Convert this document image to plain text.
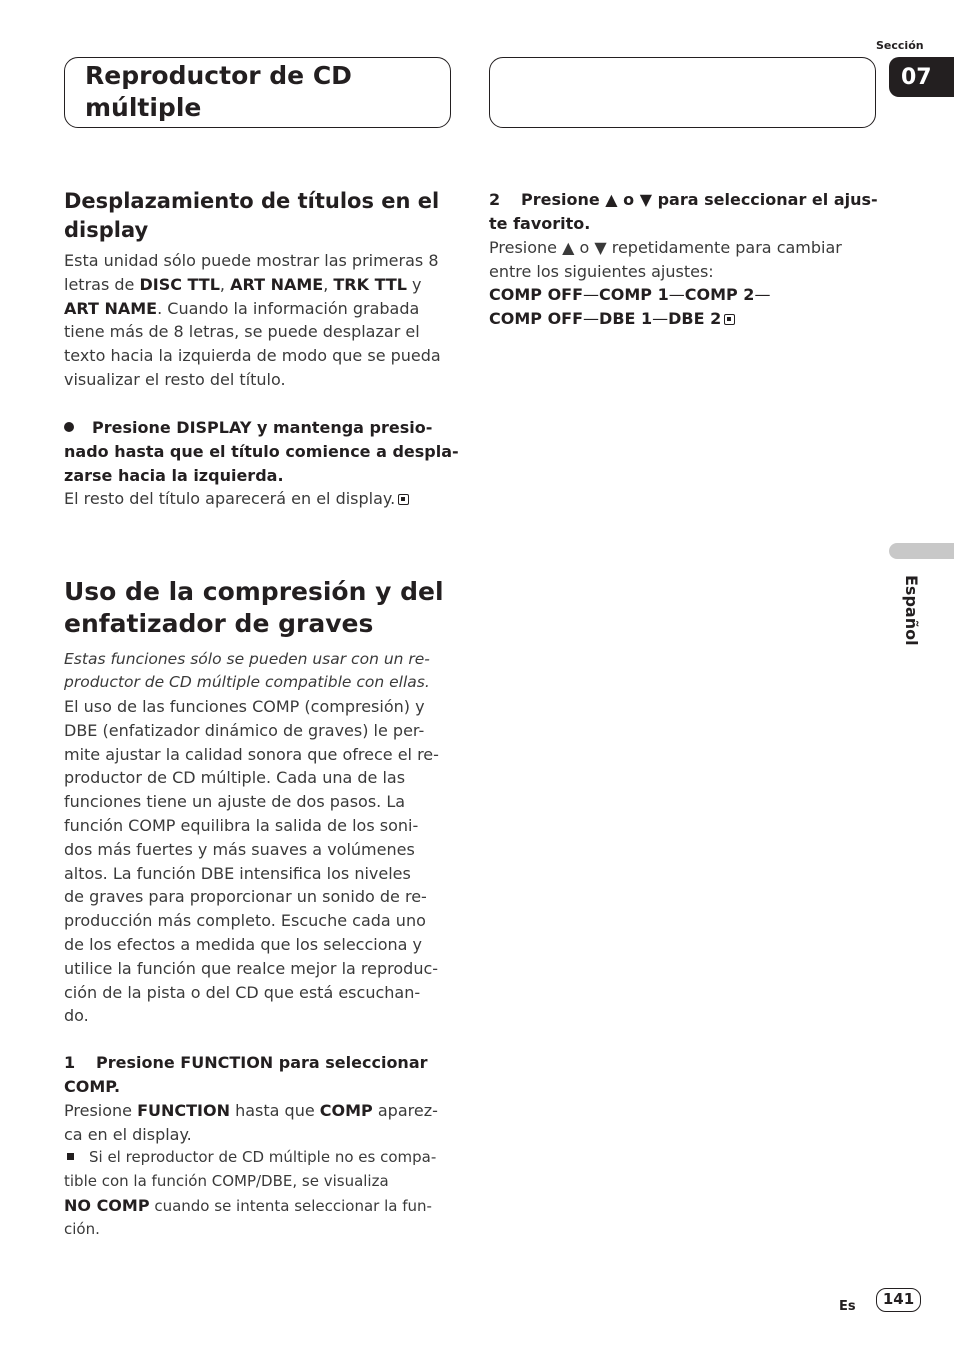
Reproductor de CD
múltiple
Sección
07
Español
Desplazamiento de títulos en el
display
Esta unidad sólo puede mostrar las primeras 8
letras de DISC TTL, ART NAME, TRK TTL y
ART NAME. Cuando la información grabada
tiene más de 8 letras, se puede desplazar el
texto hacia la izquierda de modo que se pueda
visualizar el resto del título.
Presione DISPLAY y mantenga presio-
nado hasta que el título comience a despla-
zarse hacia la izquierda.
El resto del título aparecerá en el display.
Uso de la compresión y del
enfatizador de graves
Estas funciones sólo se pueden usar con un re-
productor de CD múltiple compatible con ellas.
El uso de las funciones COMP (compresión) y
DBE (enfatizador dinámico de graves) le per-
mite ajustar la calidad sonora que ofrece el re-
productor de CD múltiple. Cada una de las
funciones tiene un ajuste de dos pasos. La
función COMP equilibra la salida de los soni-
dos más fuertes y más suaves a volúmenes
altos. La función DBE intensifica los niveles
de graves para proporcionar un sonido de re-
producción más completo. Escuche cada uno
de los efectos a medida que los selecciona y
utilice la función que realce mejor la reproduc-
ción de la pista o del CD que está escuchan-
do.
1 Presione FUNCTION para seleccionar
COMP.
Presione FUNCTION hasta que COMP aparez-
ca en el display.
Si el reproductor de CD múltiple no es compa-
tible con la función COMP/DBE, se visualiza
NO COMP cuando se intenta seleccionar la fun-
ción.
2 Presione ▲ o ▼ para seleccionar el ajus-
te favorito.
Presione ▲ o ▼ repetidamente para cambiar
entre los siguientes ajustes:
COMP OFF—COMP 1—COMP 2—
COMP OFF—DBE 1—DBE 2
Es	141
